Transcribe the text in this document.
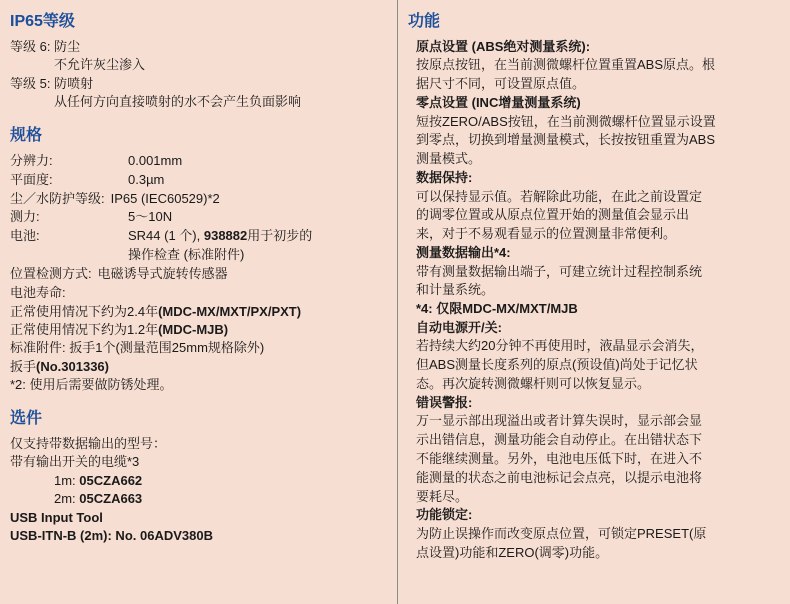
IP65等级

等级 6: 防尘

不允许灰尘渗入

等级 5: 防喷射

从任何方向直接喷射的水不会产生负面影响

规格
分辨力:	0.001mm
平面度:	0.3µm
尘／水防护等级: IP65 (IEC60529)*2
测力:	5～10N
电池:	SR44 (1 个), 938882用于初步的
操作检查 (标准附件)
位置检测方式: 电磁诱导式旋转传感器
电池寿命:

正常使用情况下约为2.4年(MDC-MX/MXT/PX/PXT)

正常使用情况下约为1.2年(MDC-MJB)

标准附件: 扳手1个(测量范围25mm规格除外)

扳手(No.301336)

*2: 使用后需要做防锈处理。

选件

仅支持带数据输出的型号：

带有输出开关的电缆*3

1m: 05CZA662

2m: 05CZA663

USB Input Tool

USB-ITN-B (2m): No. 06ADV380B

功能

原点设置 (ABS绝对测量系统):

按原点按钮，在当前测微螺杆位置重置ABS原点。根

据尺寸不同，可设置原点值。

零点设置 (INC增量测量系统)

短按ZERO/ABS按钮，在当前测微螺杆位置显示设置

到零点，切换到增量测量模式，长按按钮重置为ABS

测量模式。

数据保持:

可以保持显示值。若解除此功能，在此之前设置定

的调零位置或从原点位置开始的测量值会显示出

来，对于不易观看显示的位置测量非常便利。

测量数据输出*4:

带有测量数据输出端子，可建立统计过程控制系统

和计量系统。

*4: 仅限MDC-MX/MXT/MJB

自动电源开/关:

若持续大约20分钟不再使用时，液晶显示会消失，

但ABS测量长度系列的原点(预设值)尚处于记忆状

态。再次旋转测微螺杆则可以恢复显示。

错误警报:

万一显示部出现溢出或者计算失误时，显示部会显

示出错信息，测量功能会自动停止。在出错状态下

不能继续测量。另外，电池电压低下时，在进入不

能测量的状态之前电池标记会点亮，以提示电池将

要耗尽。

功能锁定:

为防止误操作而改变原点位置，可锁定PRESET(原

点设置)功能和ZERO(调零)功能。
